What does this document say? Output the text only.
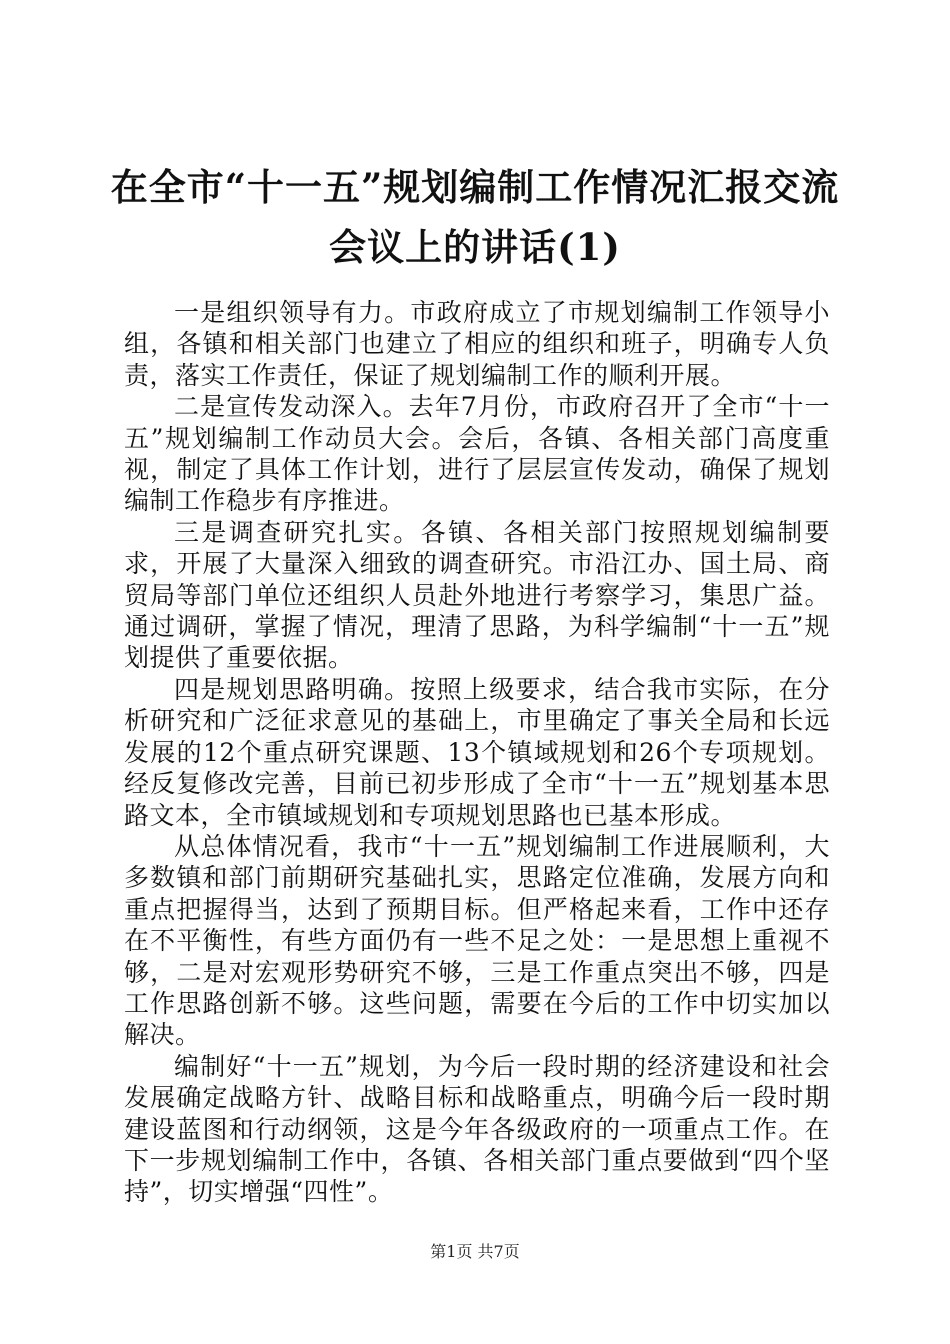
在全市“十一五”规划编制工作情况汇报交流
会议上的讲话(1)

一是组织领导有力。市政府成立了市规划编制工作领导小组，各镇和相关部门也建立了相应的组织和班子，明确专人负责，落实工作责任，保证了规划编制工作的顺利开展。

二是宣传发动深入。去年7月份，市政府召开了全市“十一五”规划编制工作动员大会。会后，各镇、各相关部门高度重视，制定了具体工作计划，进行了层层宣传发动，确保了规划编制工作稳步有序推进。

三是调查研究扎实。各镇、各相关部门按照规划编制要求，开展了大量深入细致的调查研究。市沿江办、国土局、商贸局等部门单位还组织人员赴外地进行考察学习，集思广益。通过调研，掌握了情况，理清了思路，为科学编制“十一五”规划提供了重要依据。

四是规划思路明确。按照上级要求，结合我市实际，在分析研究和广泛征求意见的基础上，市里确定了事关全局和长远发展的12个重点研究课题、13个镇域规划和26个专项规划。经反复修改完善，目前已初步形成了全市“十一五”规划基本思路文本，全市镇域规划和专项规划思路也已基本形成。

从总体情况看，我市“十一五”规划编制工作进展顺利，大多数镇和部门前期研究基础扎实，思路定位准确，发展方向和重点把握得当，达到了预期目标。但严格起来看，工作中还存在不平衡性，有些方面仍有一些不足之处：一是思想上重视不够，二是对宏观形势研究不够，三是工作重点突出不够，四是工作思路创新不够。这些问题，需要在今后的工作中切实加以解决。

编制好“十一五”规划，为今后一段时期的经济建设和社会发展确定战略方针、战略目标和战略重点，明确今后一段时期建设蓝图和行动纲领，这是今年各级政府的一项重点工作。在下一步规划编制工作中，各镇、各相关部门重点要做到“四个坚持”，切实增强“四性”。

第1页 共7页
